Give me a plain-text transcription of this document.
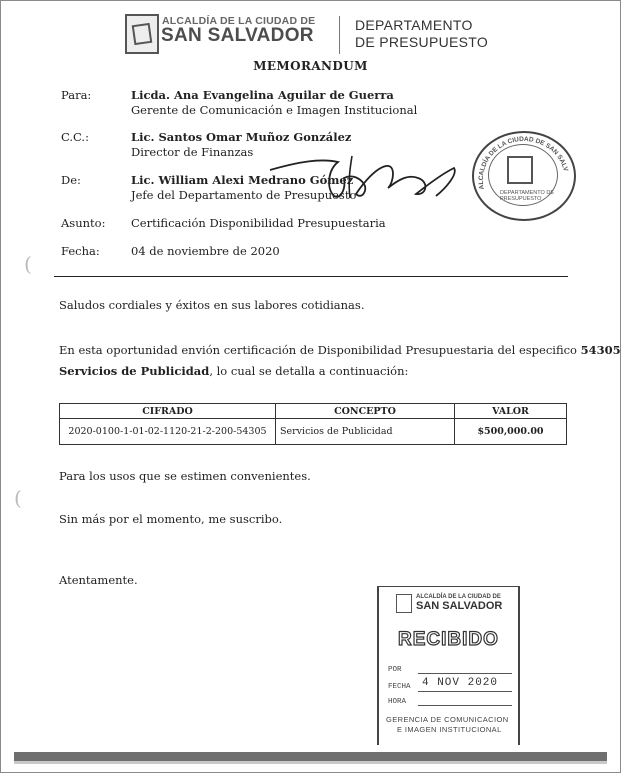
ALCALDÍA DE LA CIUDAD DE
SAN SALVADOR	DEPARTAMENTO
DE PRESUPUESTO
MEMORANDUM
Para:	Licda. Ana Evangelina Aguilar de Guerra
Gerente de Comunicación e Imagen Institucional
C.C.:	Lic. Santos Omar Muñoz González
Director de Finanzas
De:	Lic. William Alexi Medrano Gómez
Jefe del Departamento de Presupuesto
Asunto: Certificación Disponibilidad Presupuestaria
Fecha:	04 de noviembre de 2020
Saludos cordiales y éxitos en sus labores cotidianas.
En esta oportunidad envión certificación de Disponibilidad Presupuestaria del especifico 54305
Servicios de Publicidad, lo cual se detalla a continuación:
CIFRADO	CONCEPTO	VALOR
2020-0100-1-01-02-1120-21-2-200-54305	Servicios de Publicidad	$500,000.00
Para los usos que se estimen convenientes.
Sin más por el momento, me suscribo.
Atentamente.
ALCALDÍA DE LA CIUDAD DE SAN SALVADOR
DEPARTAMENTO DE
PRESUPUESTO
ALCALDÍA DE LA CIUDAD DE
SAN SALVADOR
RECIBIDO
POR
FECHA 4 NOV 2020
HORA
GERENCIA DE COMUNICACION
E IMAGEN INSTITUCIONAL
(
(
